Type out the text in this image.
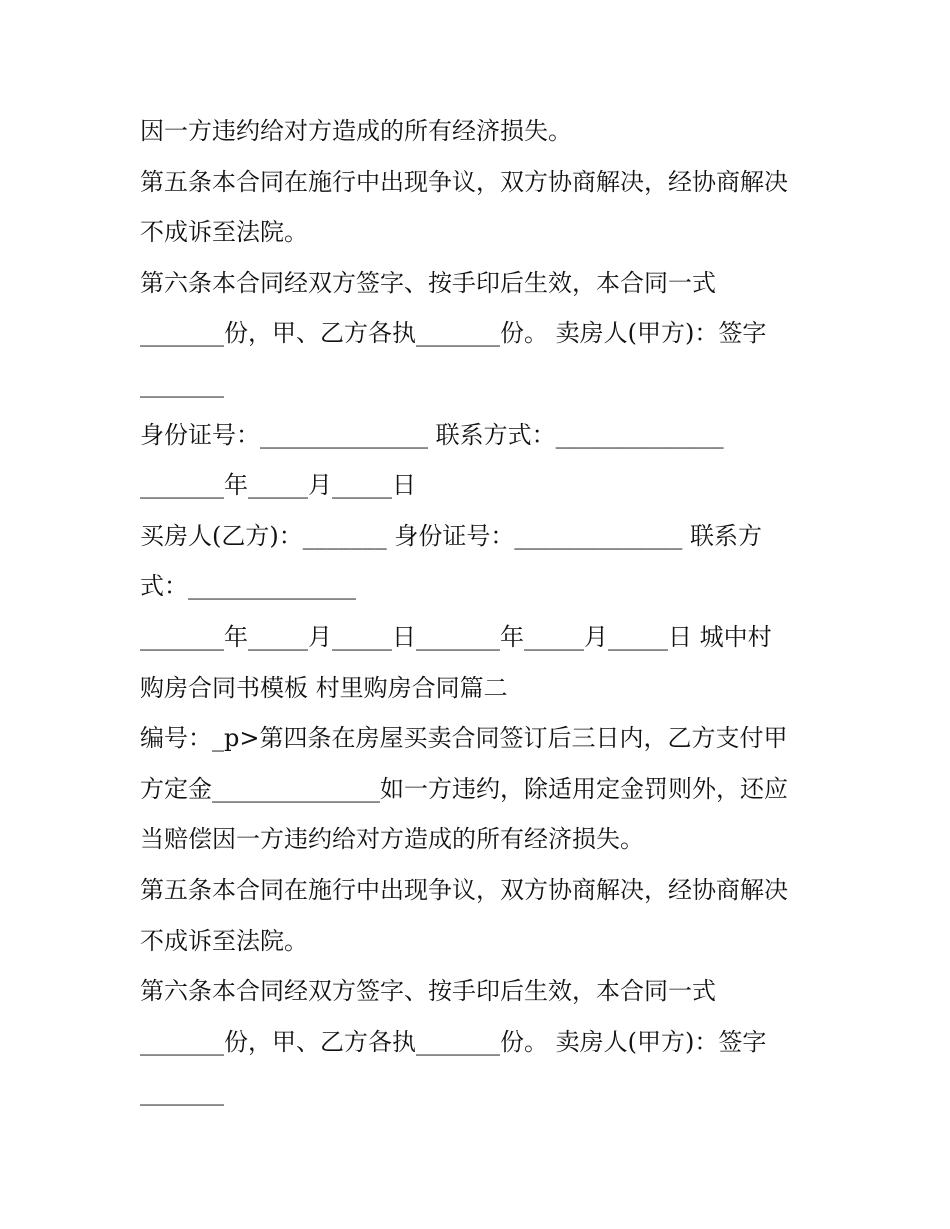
因一方违约给对方造成的所有经济损失。
第五条本合同在施行中出现争议，双方协商解决，经协商解决
不成诉至法院。
第六条本合同经双方签字、按手印后生效，本合同一式
_______份，甲、乙方各执_______份。 卖房人(甲方)：签字
_______
身份证号：______________ 联系方式：______________
_______年_____月_____日
买房人(乙方)：_______ 身份证号：______________ 联系方
式：______________
_______年_____月_____日_______年_____月_____日 城中村
购房合同书模板 村里购房合同篇二
编号：_p>第四条在房屋买卖合同签订后三日内，乙方支付甲
方定金______________如一方违约，除适用定金罚则外，还应
当赔偿因一方违约给对方造成的所有经济损失。
第五条本合同在施行中出现争议，双方协商解决，经协商解决
不成诉至法院。
第六条本合同经双方签字、按手印后生效，本合同一式
_______份，甲、乙方各执_______份。 卖房人(甲方)：签字
_______
